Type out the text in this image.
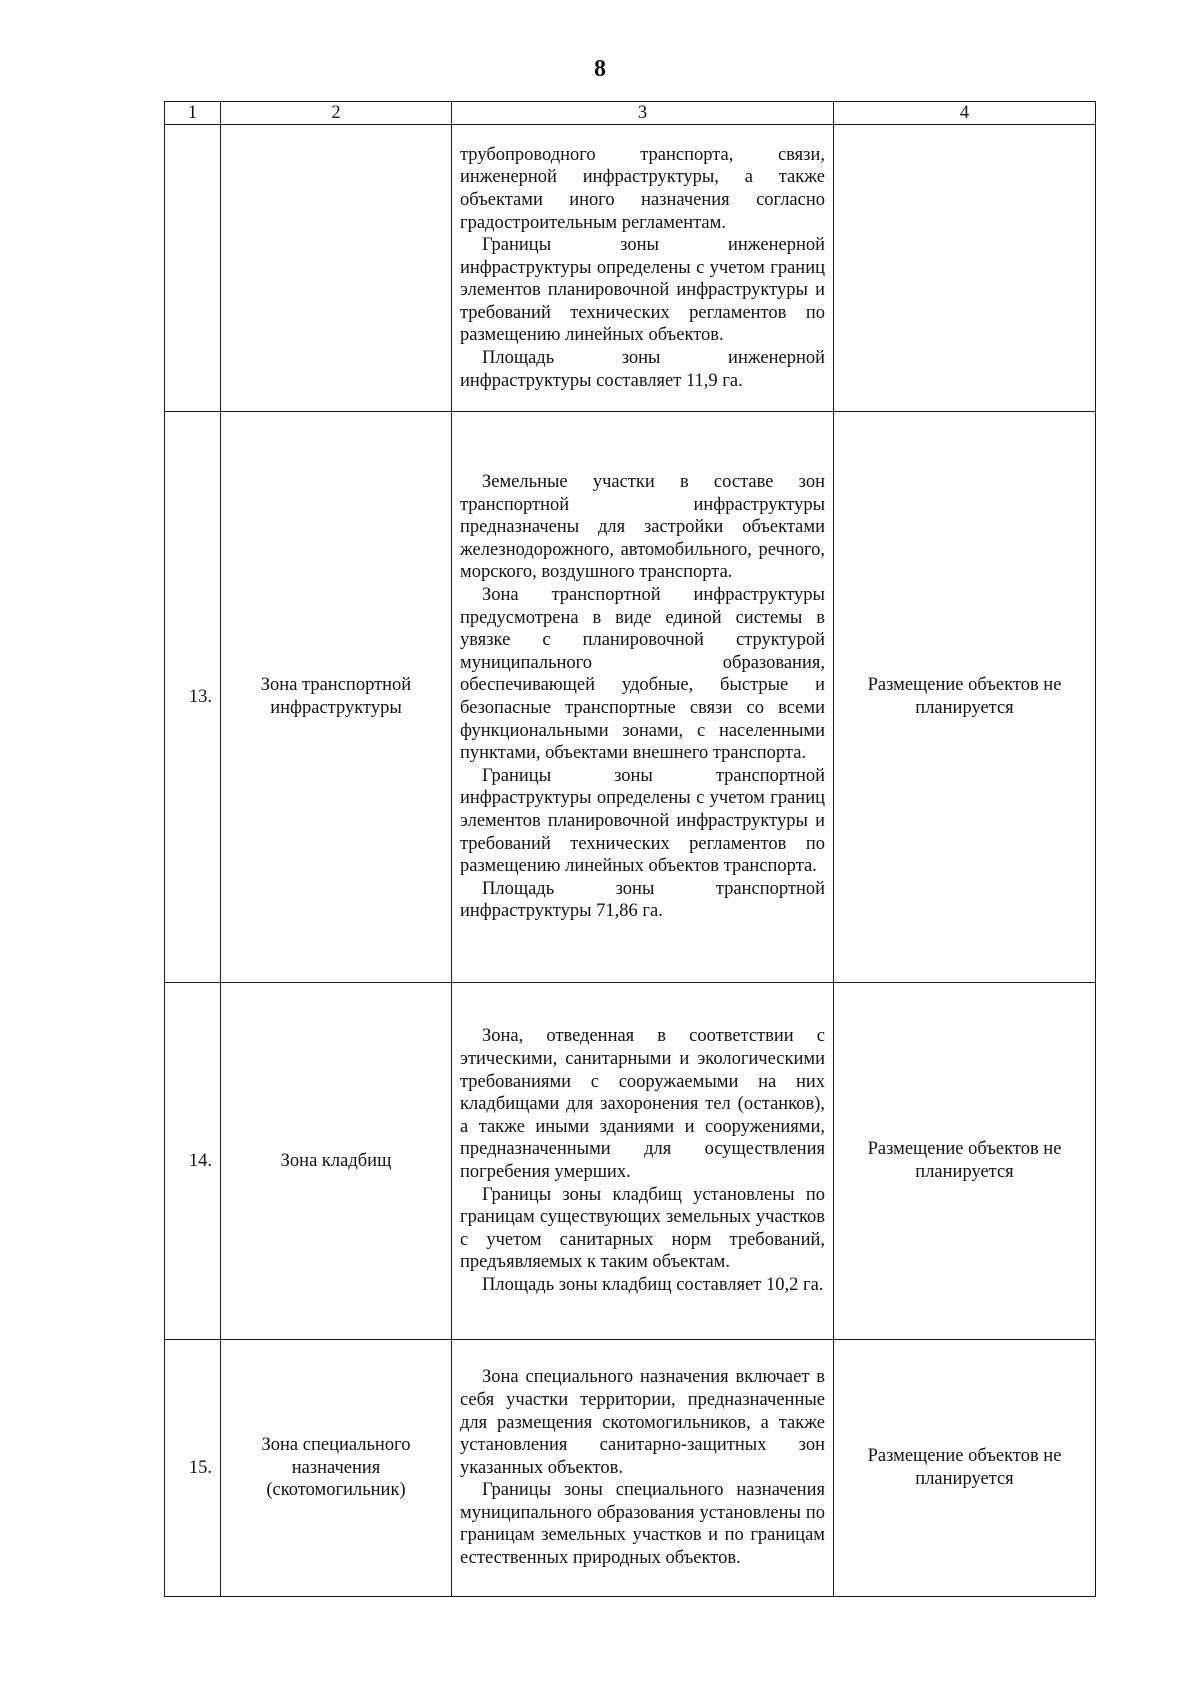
8
1	2	3	4

		трубопроводного транспорта, связи, инженерной инфраструктуры, а также объектами иного назначения согласно градостроительным регламентам.
Границы зоны инженерной инфраструктуры определены с учетом границ элементов планировочной инфраструктуры и требований технических регламентов по размещению линейных объектов.
Площадь зоны инженерной инфраструктуры составляет 11,9 га.	

13.	Зона транспортной инфраструктуры	Земельные участки в составе зон транспортной инфраструктуры предназначены для застройки объектами железнодорожного, автомобильного, речного, морского, воздушного транспорта.
Зона транспортной инфраструктуры предусмотрена в виде единой системы в увязке с планировочной структурой муниципального образования, обеспечивающей удобные, быстрые и безопасные транспортные связи со всеми функциональными зонами, с населенными пунктами, объектами внешнего транспорта.
Границы зоны транспортной инфраструктуры определены с учетом границ элементов планировочной инфраструктуры и требований технических регламентов по размещению линейных объектов транспорта.
Площадь зоны транспортной инфраструктуры 71,86 га.	Размещение объектов не планируется
14.	Зона кладбищ	Зона, отведенная в соответствии с этическими, санитарными и экологическими требованиями с сооружаемыми на них кладбищами для захоронения тел (останков), а также иными зданиями и сооружениями, предназначенными для осуществления погребения умерших.
Границы зоны кладбищ установлены по границам существующих земельных участков с учетом санитарных норм требований, предъявляемых к таким объектам.
Площадь зоны кладбищ составляет 10,2 га.	Размещение объектов не планируется
15.	Зона специального назначения (скотомогильник)	Зона специального назначения включает в себя участки территории, предназначенные для размещения скотомогильников, а также установления санитарно-защитных зон указанных объектов.
Границы зоны специального назначения муниципального образования установлены по границам земельных участков и по границам естественных природных объектов.	Размещение объектов не планируется
